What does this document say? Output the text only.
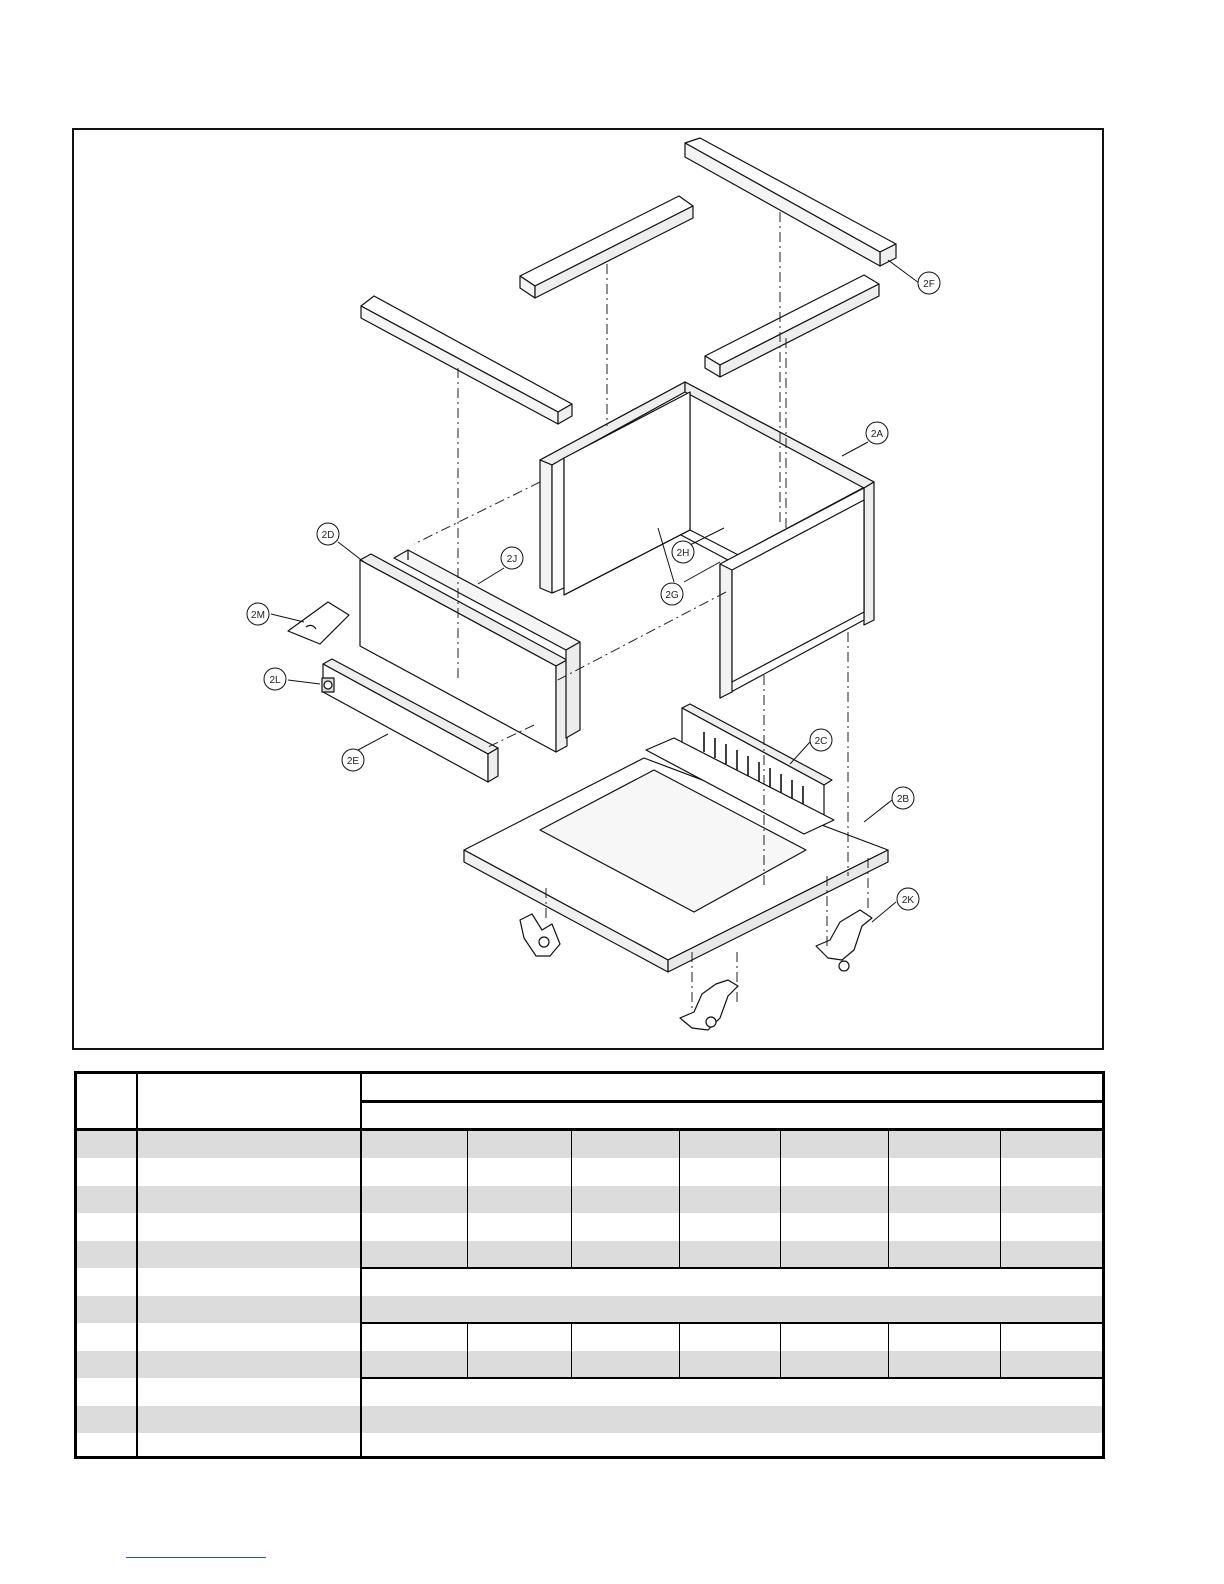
2F
2A
2D
2J
2H
2G
2M
2L
2E
2C
2B
2K
